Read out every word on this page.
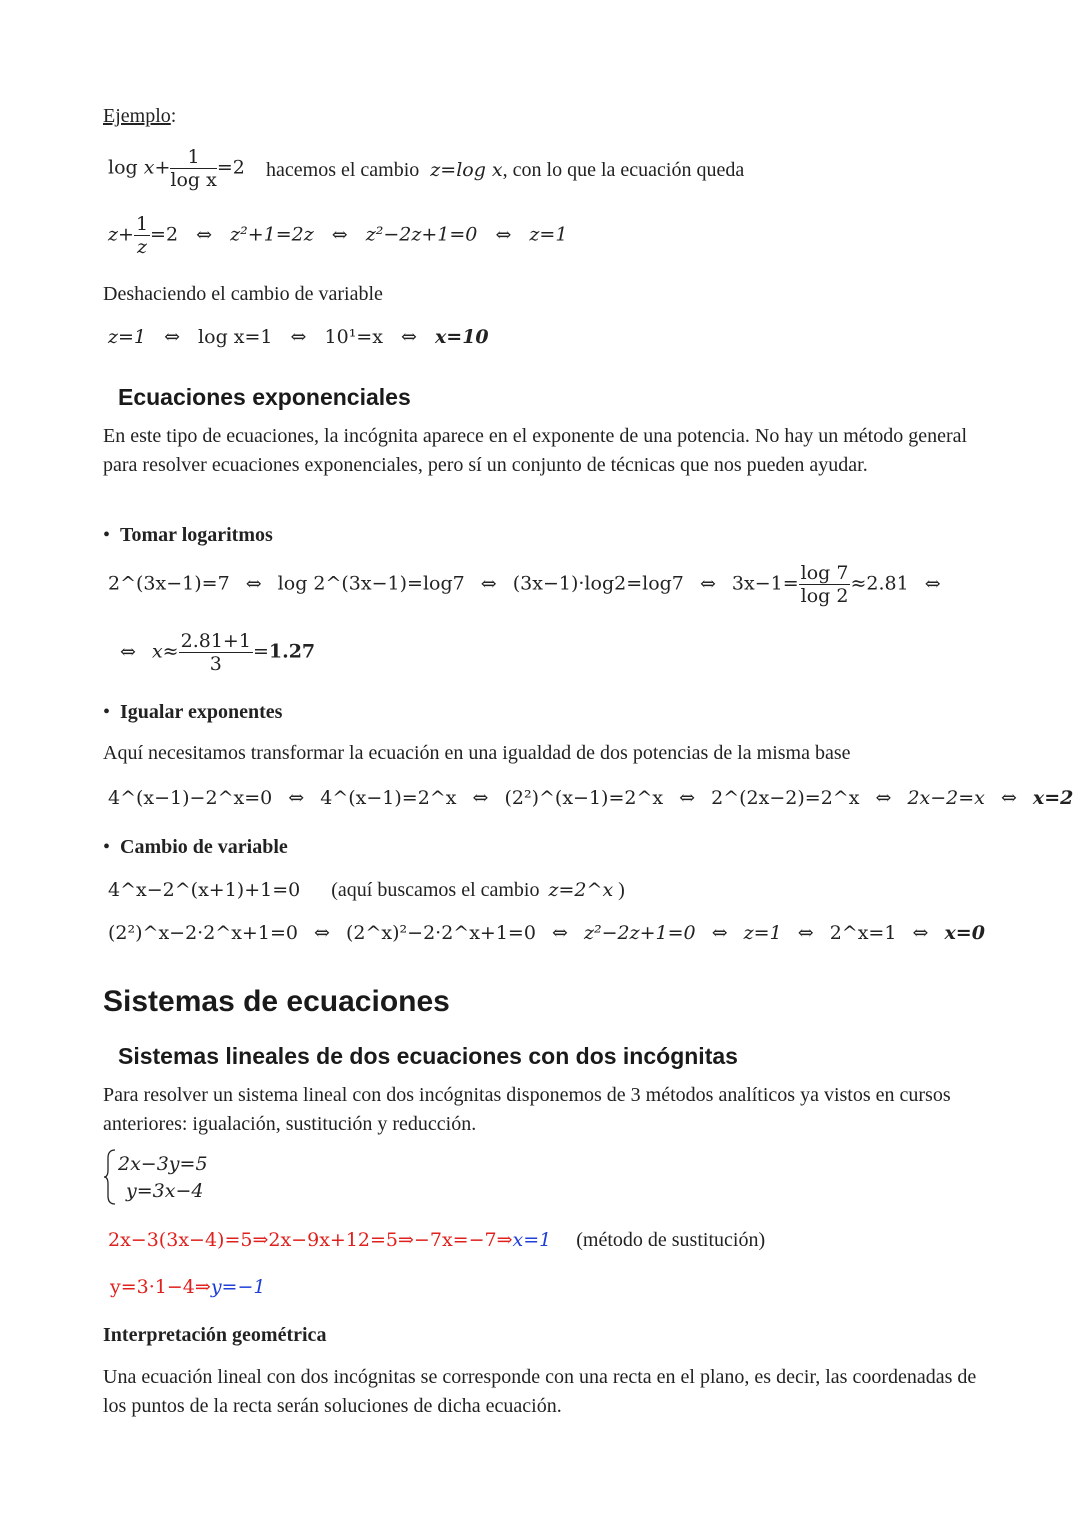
Ejemplo:
$\log x+ \frac{1}{\text{log x}} =2$ hacemos el cambio z=log x, con lo que la ecuación queda
$z+ \frac{1}{z} =2$ ⇔ z²+1=2z ⇔ z²−2z+1=0 ⇔ z=1
Deshaciendo el cambio de variable
z=1 ⇔ log x=1 ⇔ 10¹=x ⇔ x=10
Ecuaciones exponenciales
En este tipo de ecuaciones, la incógnita aparece en el exponente de una potencia. No hay un método general para resolver ecuaciones exponenciales, pero sí un conjunto de técnicas que nos pueden ayudar.
•  Tomar logaritmos
2^(3x−1)=7 ⇔ log 2^(3x−1)=log7 ⇔ (3x−1)·log2=log7 ⇔ $3x-1= \frac{\log 7}{\log 2} \approx 2.81$ ⇔
⇔ $x\approx \frac{2.81+1}{3} =1.27$
•  Igualar exponentes
Aquí necesitamos transformar la ecuación en una igualdad de dos potencias de la misma base
4^(x−1)−2^x=0 ⇔ 4^(x−1)=2^x ⇔ (2²)^(x−1)=2^x ⇔ 2^(2x−2)=2^x ⇔ 2x−2=x ⇔ x=2
•  Cambio de variable
4^x−2^(x+1)+1=0 (aquí buscamos el cambio z=2^x )
(2²)^x−2·2^x+1=0 ⇔ (2^x)²−2·2^x+1=0 ⇔ z²−2z+1=0 ⇔ z=1 ⇔ 2^x=1 ⇔ x=0
Sistemas de ecuaciones
Sistemas lineales de dos ecuaciones con dos incógnitas
Para resolver un sistema lineal con dos incógnitas disponemos de 3 métodos analíticos ya vistos en cursos anteriores: igualación, sustitución y reducción.
2x−3y=5
y=3x−4
2x−3(3x−4)=5⇒2x−9x+12=5⇒−7x=−7⇒x=1 (método de sustitución)
y=3·1−4⇒y=−1
Interpretación geométrica
Una ecuación lineal con dos incógnitas se corresponde con una recta en el plano, es decir, las coordenadas de los puntos de la recta serán soluciones de dicha ecuación.
